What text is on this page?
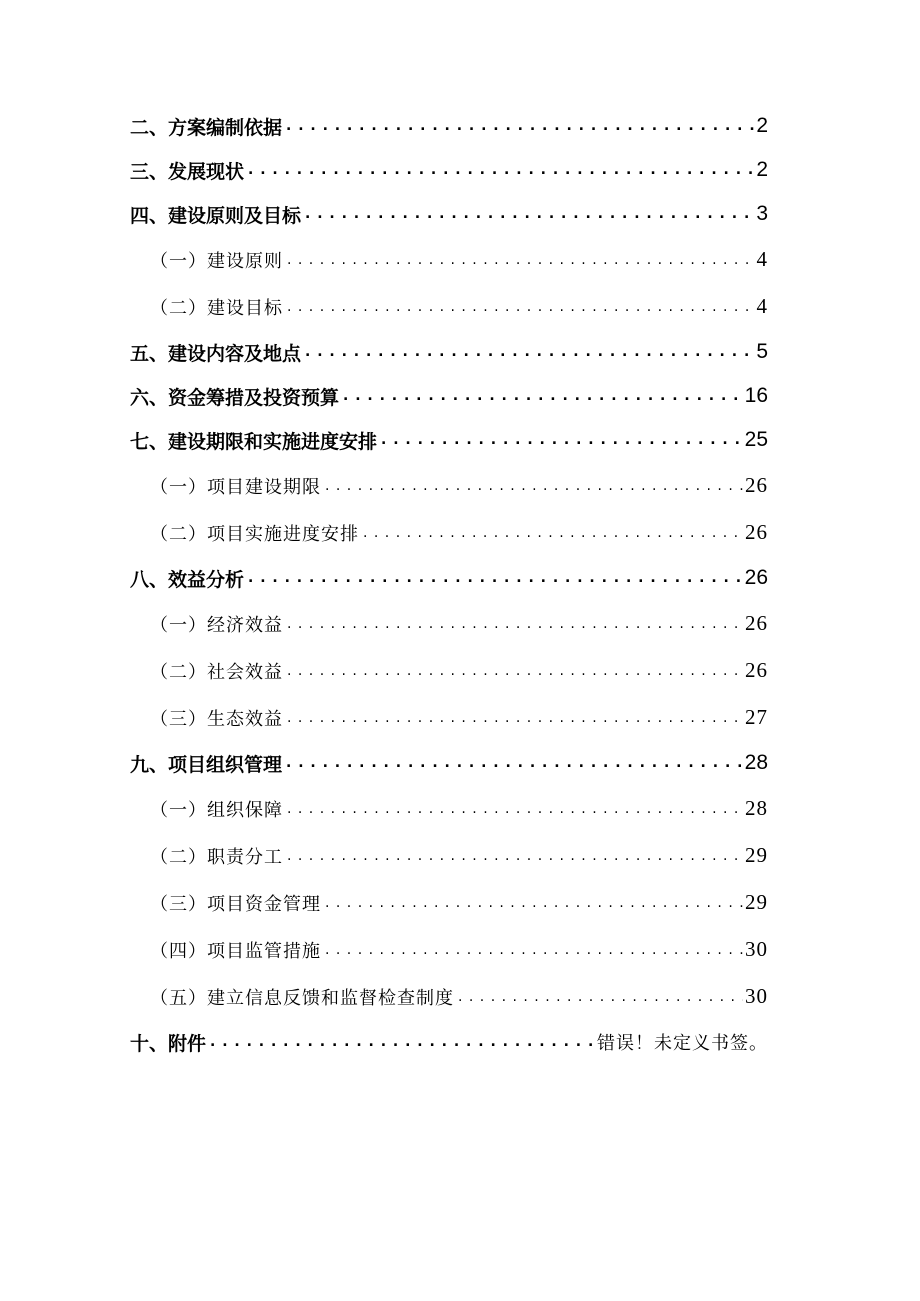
二、方案编制依据 . . .	2
三、发展现状 . . .	2
四、建设原则及目标 . . .	3
（一）建设原则 . . .	4
（二）建设目标 . . .	4
五、建设内容及地点 . . .	5
六、资金筹措及投资预算 . . .	16
七、建设期限和实施进度安排 . . .	25
（一）项目建设期限 . . .	26
（二）项目实施进度安排 . . .	26
八、效益分析 . . .	26
（一）经济效益 . . .	26
（二）社会效益 . . .	26
（三）生态效益 . . .	27
九、项目组织管理 . . .	28
（一）组织保障 . . .	28
（二）职责分工 . . .	29
（三）项目资金管理 . . .	29
（四）项目监管措施 . . .	30
（五）建立信息反馈和监督检查制度 . . .	30
十、附件 . . .	错误！未定义书签。
